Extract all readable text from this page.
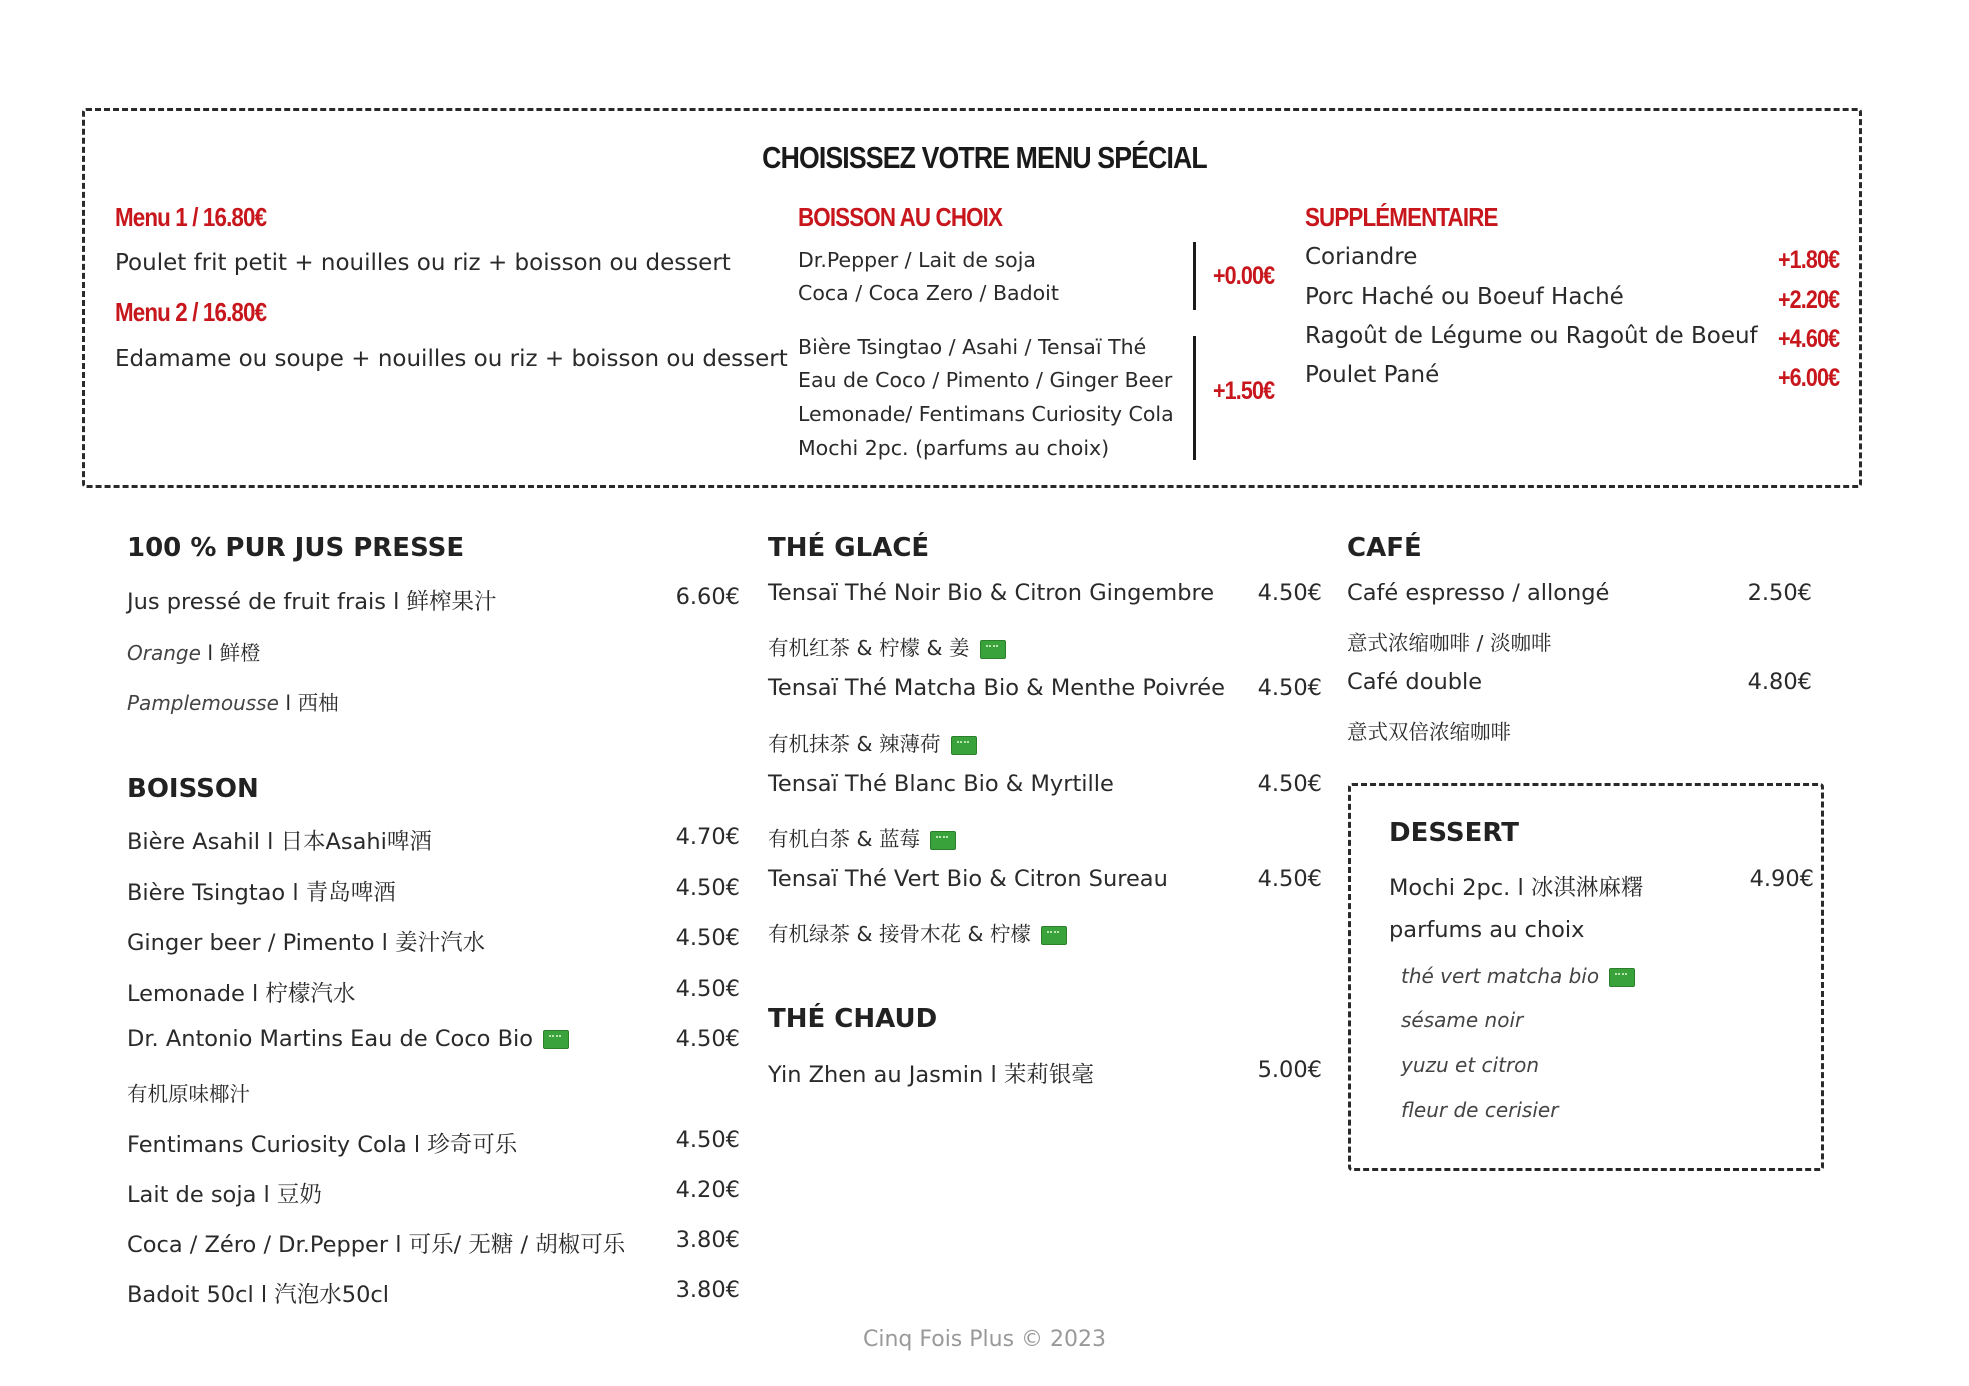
CHOISISSEZ VOTRE MENU SPÉCIAL
Menu 1 / 16.80€
Poulet frit petit + nouilles ou riz + boisson ou dessert
Menu 2 / 16.80€
Edamame ou soupe + nouilles ou riz + boisson ou dessert
BOISSON AU CHOIX
Dr.Pepper / Lait de soja
Coca / Coca Zero / Badoit
+0.00€
Bière Tsingtao / Asahi / Tensaï Thé
Eau de Coco / Pimento / Ginger Beer
Lemonade/ Fentimans Curiosity Cola
Mochi 2pc. (parfums au choix)
+1.50€
SUPPLÉMENTAIRE
Coriandre	+1.80€
Porc Haché ou Boeuf Haché	+2.20€
Ragoût de Légume ou Ragoût de Boeuf +4.60€
Poulet Pané	+6.00€
100 % PUR JUS PRESSE
Jus pressé de fruit frais l 鲜榨果汁	6.60€
Orange l 鲜橙
Pamplemousse l 西柚
BOISSON
Bière Asahil l 日本Asahi啤酒	4.70€
Bière Tsingtao l 青岛啤酒	4.50€
Ginger beer / Pimento l 姜汁汽水	4.50€
Lemonade l 柠檬汽水	4.50€
Dr. Antonio Martins Eau de Coco Bio	4.50€
有机原味椰汁
Fentimans Curiosity Cola l 珍奇可乐	4.50€
Lait de soja l 豆奶	4.20€
Coca / Zéro / Dr.Pepper l 可乐/ 无糖 / 胡椒可乐	3.80€
Badoit 50cl l 汽泡水50cl	3.80€
THÉ GLACÉ
Tensaï Thé Noir Bio & Citron Gingembre	4.50€
有机红茶 & 柠檬 & 姜
Tensaï Thé Matcha Bio & Menthe Poivrée	4.50€
有机抹茶 & 辣薄荷
Tensaï Thé Blanc Bio & Myrtille	4.50€
有机白茶 & 蓝莓
Tensaï Thé Vert Bio & Citron Sureau	4.50€
有机绿茶 & 接骨木花 & 柠檬
THÉ CHAUD
Yin Zhen au Jasmin l 茉莉银毫	5.00€
CAFÉ
Café espresso / allongé	2.50€
意式浓缩咖啡 / 淡咖啡
Café double	4.80€
意式双倍浓缩咖啡
DESSERT
Mochi 2pc. l 冰淇淋麻糬	4.90€
parfums au choix
thé vert matcha bio
sésame noir
yuzu et citron
fleur de cerisier
Cinq Fois Plus © 2023
